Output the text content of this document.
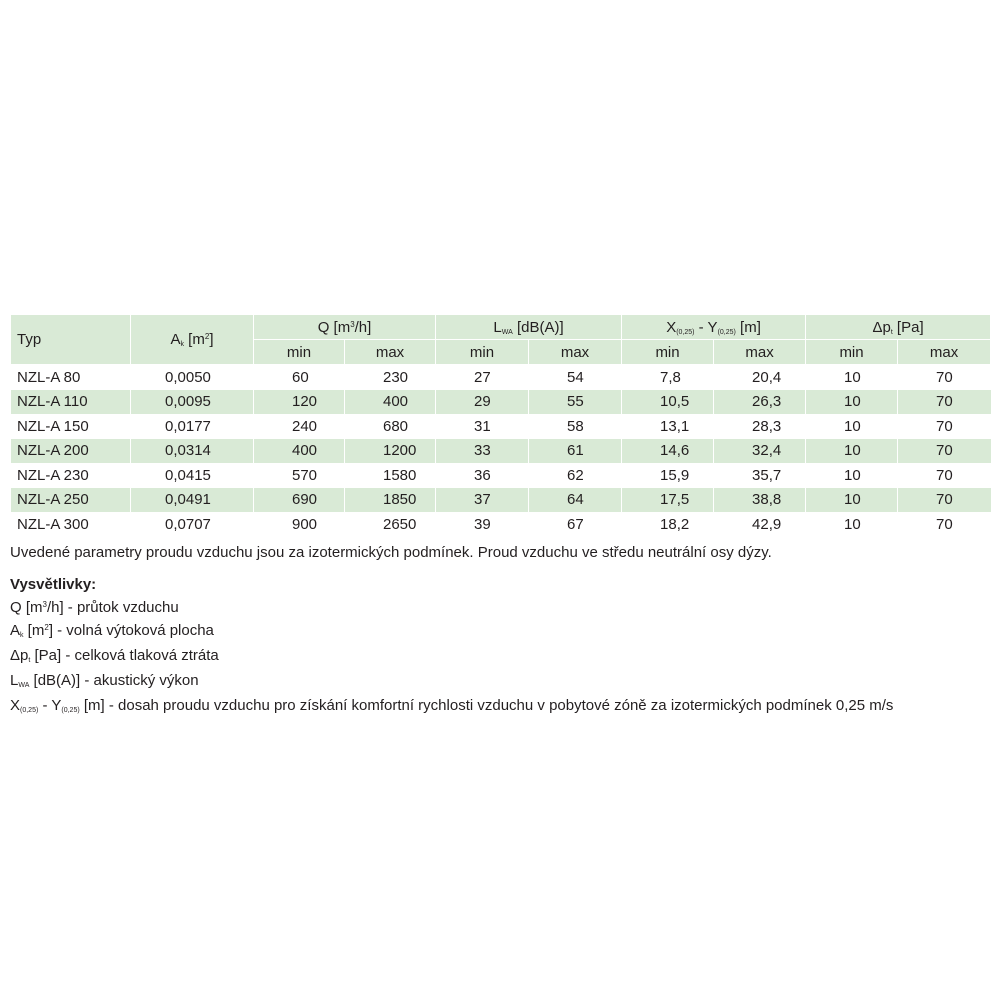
Typ	$A_k$ $[m^2]$	Q $[m^3/h]$		$L_{WA}$ [dB(A)]		$X_{(0,25)} - Y_{(0,25)}$ [m]		$\Delta p_t$ [Pa]	
		min	max	min	max	min	max	min	max
NZL-A 80	0,0050	60	230	27	54	7,8	20,4	10	70
NZL-A 110	0,0095	120	400	29	55	10,5	26,3	10	70
NZL-A 150	0,0177	240	680	31	58	13,1	28,3	10	70
NZL-A 200	0,0314	400	1200	33	61	14,6	32,4	10	70
NZL-A 230	0,0415	570	1580	36	62	15,9	35,7	10	70
NZL-A 250	0,0491	690	1850	37	64	17,5	38,8	10	70
NZL-A 300	0,0707	900	2650	39	67	18,2	42,9	10	70

Uvedené parametry proudu vzduchu jsou za izotermických podmínek. Proud vzduchu ve středu neutrální osy dýzy.

Vysvětlivky:

Q $[m^3/h]$ - průtok vzduchu

$A_k$ $[m^2]$ - volná výtoková plocha

$\Delta p_t$ [Pa] - celková tlaková ztráta

$L_{WA}$ [dB(A)] - akustický výkon

$X_{(0,25)} - Y_{(0,25)}$ [m] - dosah proudu vzduchu pro získání komfortní rychlosti vzduchu v pobytové zóně za izotermických podmínek 0,25 m/s
